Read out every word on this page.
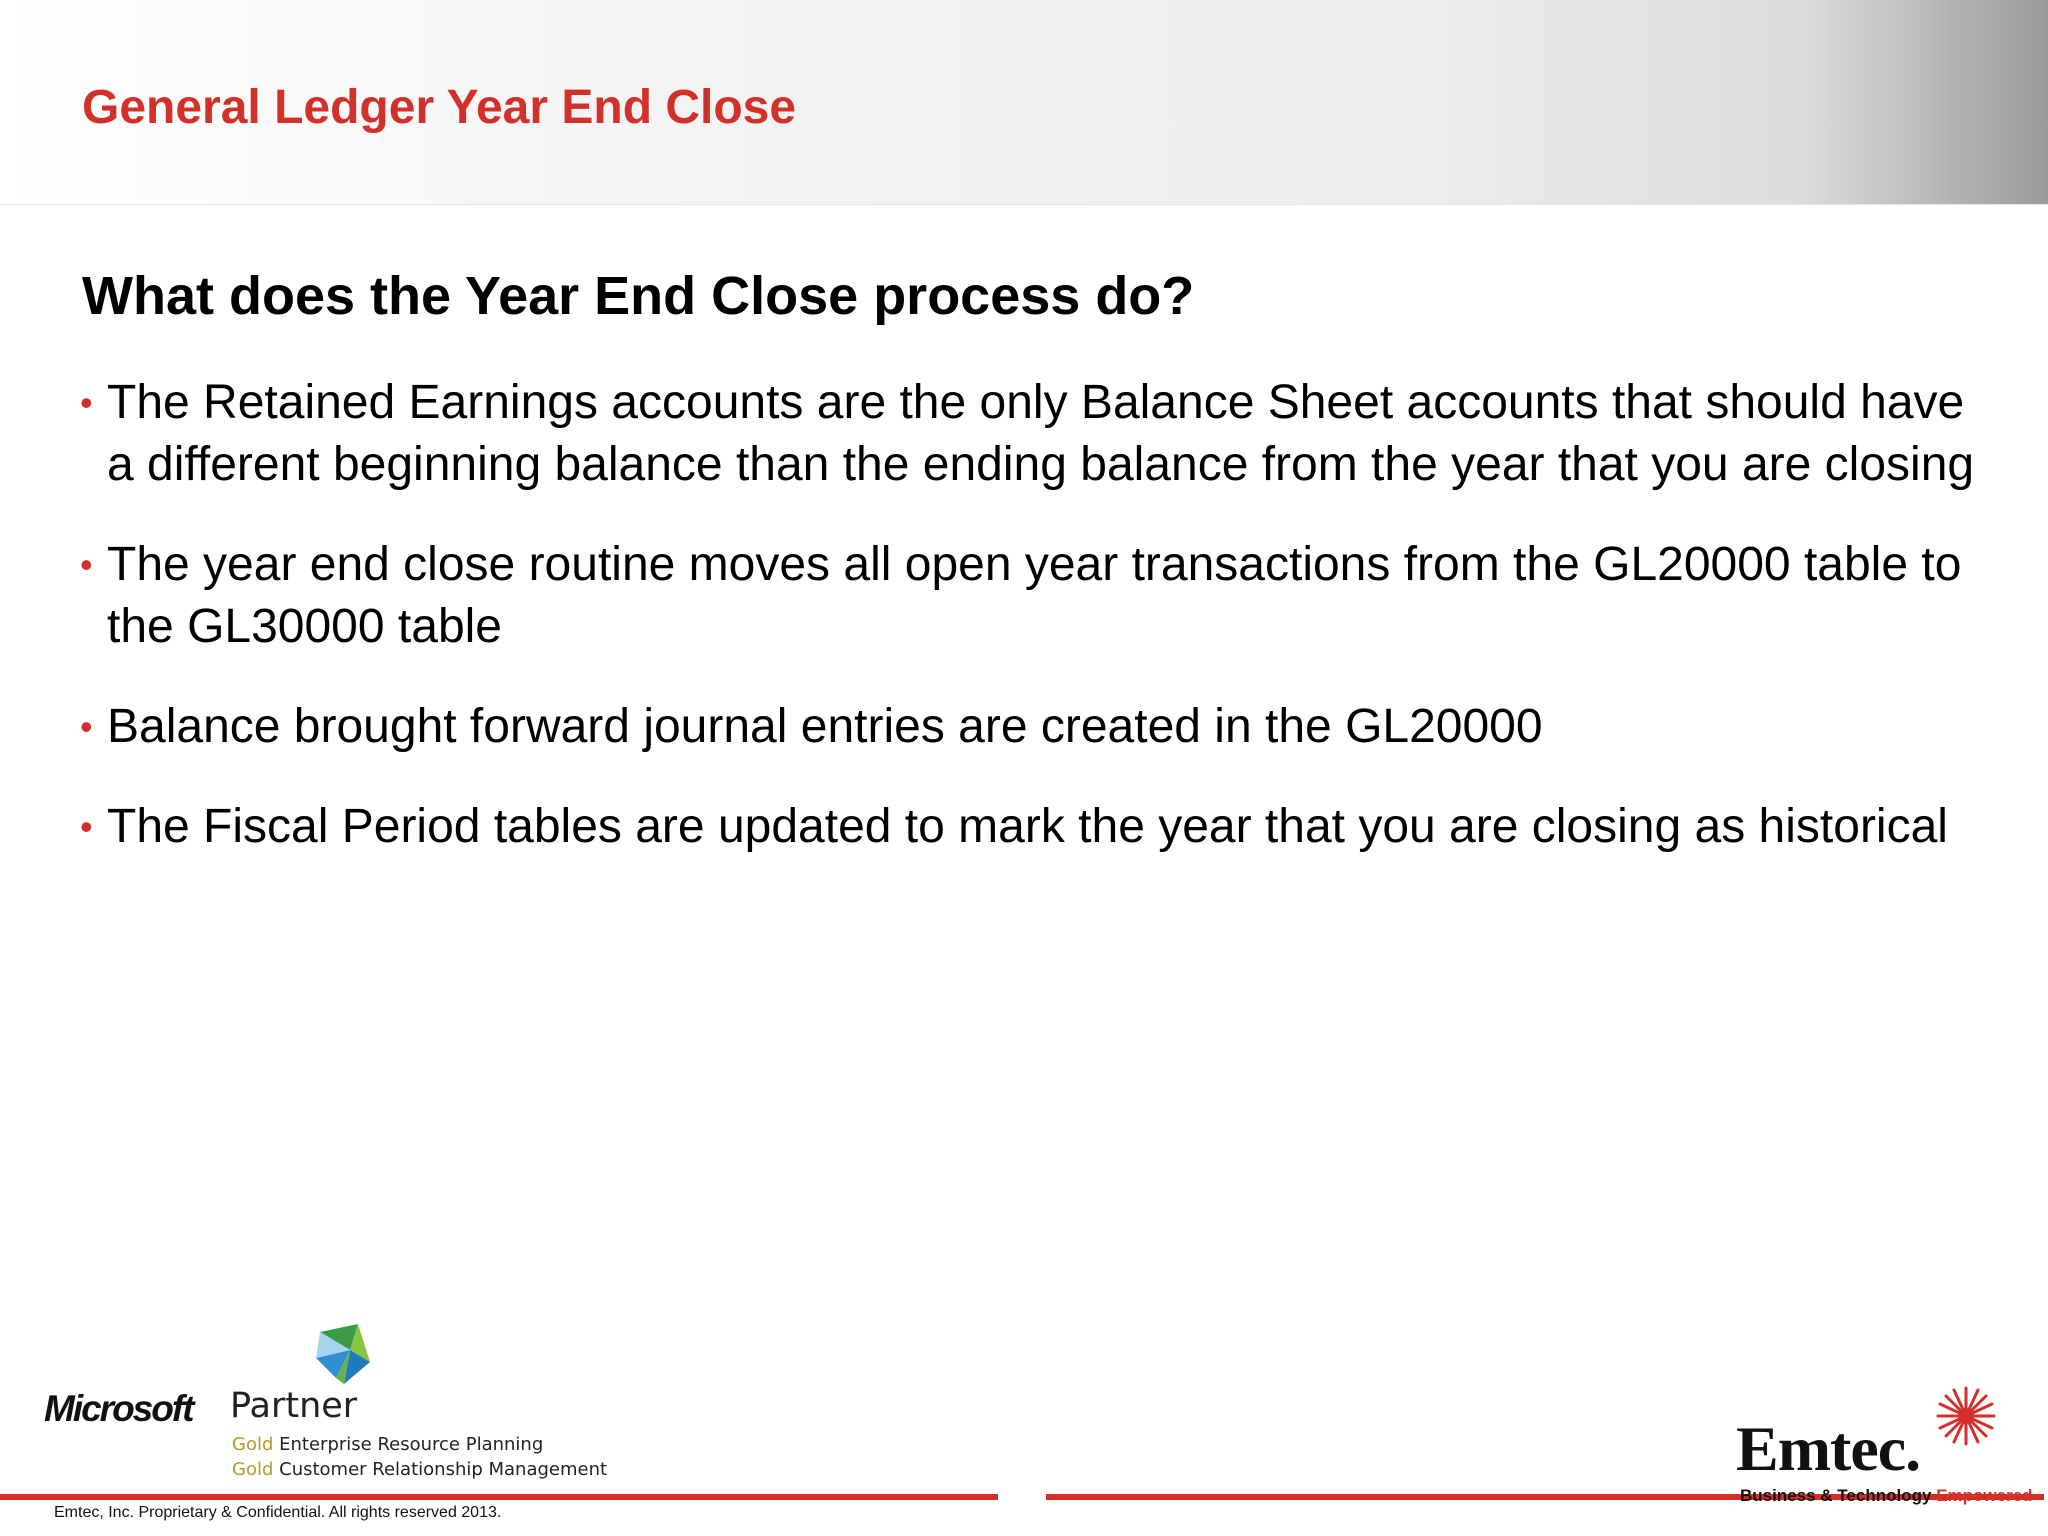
General Ledger Year End Close
What does the Year End Close process do?
• The Retained Earnings accounts are the only Balance Sheet accounts that should have a different beginning balance than the ending balance from the year that you are closing
• The year end close routine moves all open year transactions from the GL20000 table to the GL30000 table
• Balance brought forward journal entries are created in the GL20000
• The Fiscal Period tables are updated to mark the year that you are closing as historical
Microsoft Partner
Gold Enterprise Resource Planning
Gold Customer Relationship Management
Emtec, Inc. Proprietary & Confidential. All rights reserved 2013.
Emtec.
Business & Technology Empowered
